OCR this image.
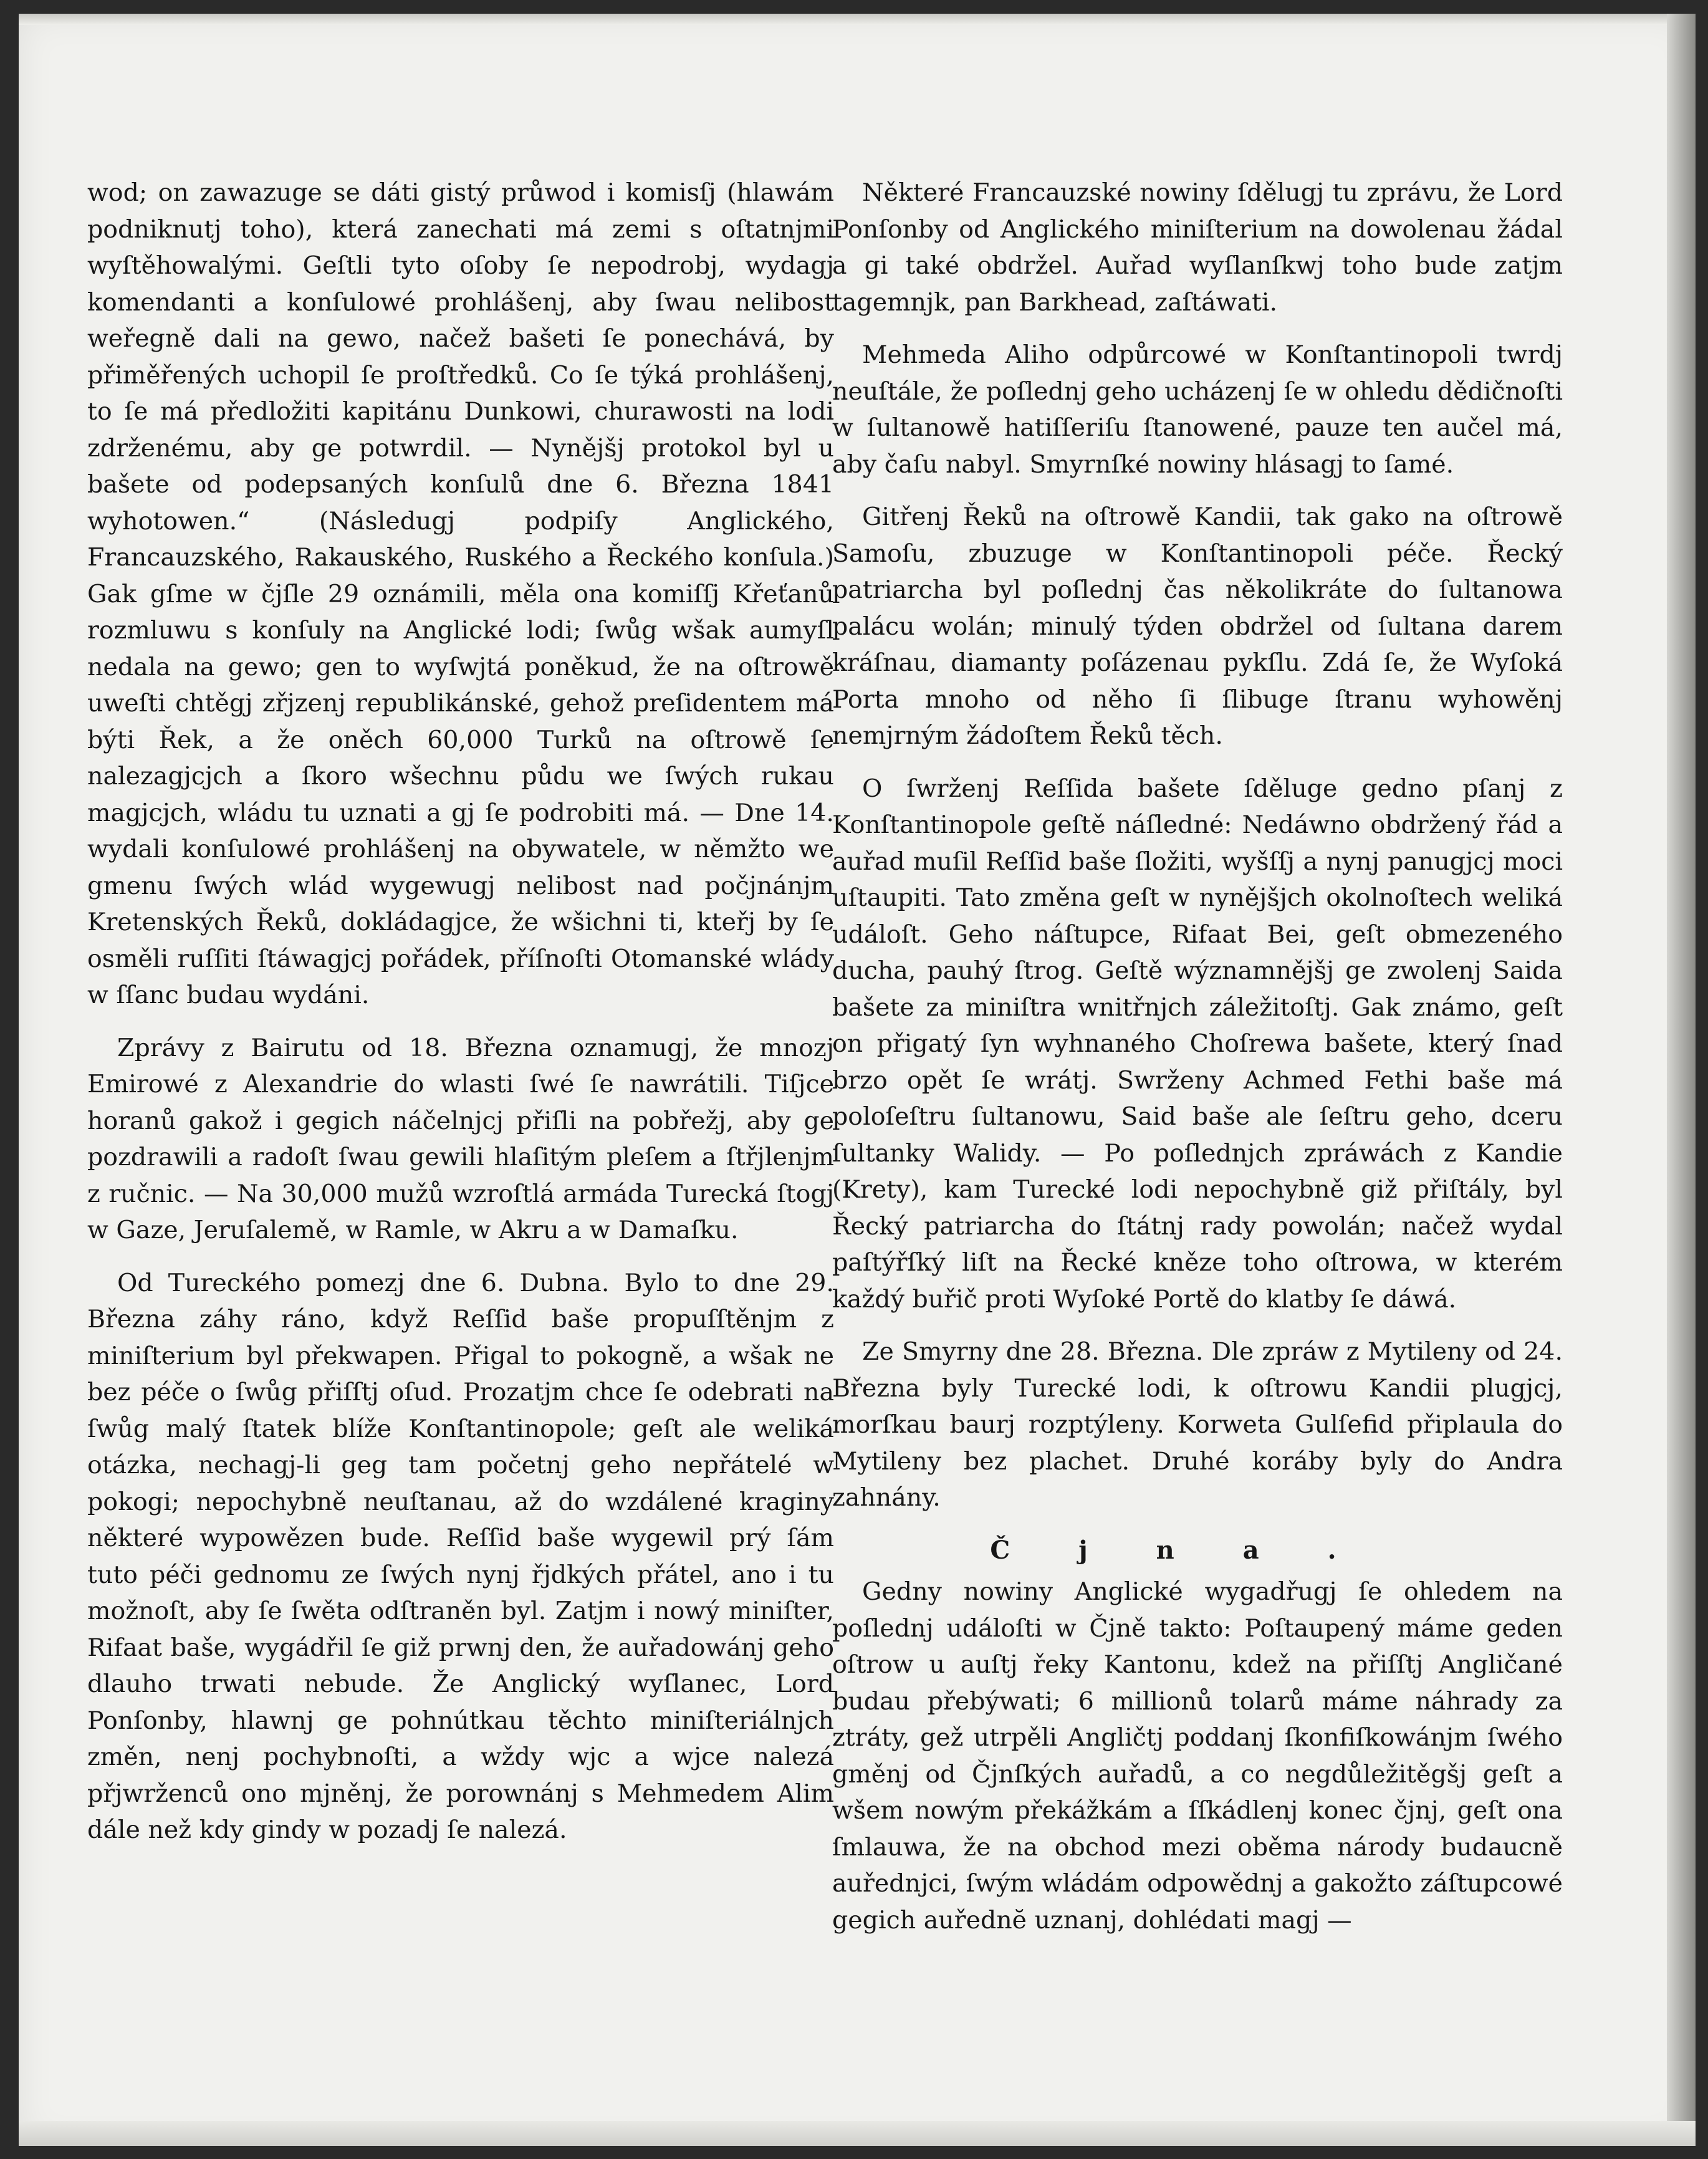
wod; on zawazuge se dáti gistý průwod i komisſj (hlawám podniknutj toho), která zanechati má zemi s oſtatnjmi wyſtěhowalými. Geſtli tyto oſoby ſe nepodrobj, wydagj komendanti a konſulowé prohlášenj, aby ſwau nelibost weřegně dali na gewo, načež bašeti ſe ponechává, by přiměřených uchopil ſe proſtředků. Co ſe týká prohlášenj, to ſe má předložiti kapitánu Dunkowi, churawosti na lodi zdrženému, aby ge potwrdil. — Nynějšj protokol byl u bašete od podepsaných konſulů dne 6. Března 1841 wyhotowen.“ (Následugj podpiſy Anglického, Francauzského, Rakauského, Ruského a Řeckého konſula.) Gak gſme w čjſle 29 oznámili, měla ona komiſſj Křeťanů rozmluwu s konſuly na Anglické lodi; ſwůg wšak aumyſl nedala na gewo; gen to wyſwjtá poněkud, že na oſtrowě uweſti chtěgj zřjzenj republikánské, gehož preſidentem má býti Řek, a že oněch 60,000 Turků na oſtrowě ſe nalezagjcjch a ſkoro wšechnu půdu we ſwých rukau magjcjch, wládu tu uznati a gj ſe podrobiti má. — Dne 14. wydali konſulowé prohlášenj na obywatele, w němžto we gmenu ſwých wlád wygewugj nelibost nad počjnánjm Kretenských Řeků, dokládagjce, že wšichni ti, kteřj by ſe osměli ruſſiti ſtáwagjcj pořádek, příſnoſti Otomanské wlády w ſſanc budau wydáni.

Zprávy z Bairutu od 18. Března oznamugj, že mnozj Emirowé z Alexandrie do wlasti ſwé ſe nawrátili. Tiſjce horanů gakož i gegich náčelnjcj přiſli na pobřežj, aby ge pozdrawili a radoſt ſwau gewili hlaſitým pleſem a ſtřjlenjm z ručnic. — Na 30,000 mužů wzroſtlá armáda Turecká ſtogj w Gaze, Jeruſalemě, w Ramle, w Akru a w Damaſku.

Od Tureckého pomezj dne 6. Dubna. Bylo to dne 29. Března záhy ráno, když Reſſid baše propuſſtěnjm z miniſterium byl překwapen. Přigal to pokogně, a wšak ne bez péče o ſwůg přiſſtj oſud. Prozatjm chce ſe odebrati na ſwůg malý ſtatek blíže Konſtantinopole; geſt ale weliká otázka, nechagj-li geg tam početnj geho nepřátelé w pokogi; nepochybně neuſtanau, až do wzdálené kraginy některé wypowězen bude. Reſſid baše wygewil prý ſám tuto péči gednomu ze ſwých nynj řjdkých přátel, ano i tu možnoſt, aby ſe ſwěta odſtraněn byl. Zatjm i nowý miniſter, Rifaat baše, wygádřil ſe giž prwnj den, že auřadowánj geho dlauho trwati nebude. Že Anglický wyſlanec, Lord Ponſonby, hlawnj ge pohnútkau těchto miniſteriálnjch změn, nenj pochybnoſti, a wždy wjc a wjce nalezá přjwrženců ono mjněnj, že porownánj s Mehmedem Alim dále než kdy gindy w pozadj ſe nalezá.

Některé Francauzské nowiny ſdělugj tu zprávu, že Lord Ponſonby od Anglického miniſterium na dowolenau žádal a gi také obdržel. Auřad wyſlanſkwj toho bude zatjm tagemnjk, pan Barkhead, zaſtáwati.

Mehmeda Aliho odpůrcowé w Konſtantinopoli twrdj neuſtále, že poſlednj geho ucházenj ſe w ohledu dědičnoſti w ſultanowě hatiſſeriſu ſtanowené, pauze ten aučel má, aby čaſu nabyl. Smyrnſké nowiny hlásagj to ſamé.

Gitřenj Řeků na oſtrowě Kandii, tak gako na oſtrowě Samoſu, zbuzuge w Konſtantinopoli péče. Řecký patriarcha byl poſlednj čas několikráte do ſultanowa palácu wolán; minulý týden obdržel od ſultana darem kráſnau, diamanty poſázenau pykſlu. Zdá ſe, že Wyſoká Porta mnoho od něho ſi ſlibuge ſtranu wyhowěnj nemjrným žádoſtem Řeků těch.

O ſwrženj Reſſida bašete ſděluge gedno pſanj z Konſtantinopole geſtě náſledné: Nedáwno obdržený řád a auřad muſil Reſſid baše ſložiti, wyšſſj a nynj panugjcj moci uſtaupiti. Tato změna geſt w nynějšjch okolnoſtech weliká událoſt. Geho náſtupce, Rifaat Bei, geſt obmezeného ducha, pauhý ſtrog. Geſtě wýznamnějšj ge zwolenj Saida bašete za miniſtra wnitřnjch záležitoſtj. Gak známo, geſt on přigatý ſyn wyhnaného Choſrewa bašete, který ſnad brzo opět ſe wrátj. Swrženy Achmed Fethi baše má poloſeſtru ſultanowu, Said baše ale ſeſtru geho, dceru ſultanky Walidy. — Po poſlednjch zpráwách z Kandie (Krety), kam Turecké lodi nepochybně giž přiſtály, byl Řecký patriarcha do ſtátnj rady powolán; načež wydal paſtýřſký liſt na Řecké kněze toho oſtrowa, w kterém každý buřič proti Wyſoké Portě do klatby ſe dáwá.

Ze Smyrny dne 28. Března. Dle zpráw z Mytileny od 24. Března byly Turecké lodi, k oſtrowu Kandii plugjcj, morſkau baurj rozptýleny. Korweta Gulſefid připlaula do Mytileny bez plachet. Druhé koráby byly do Andra zahnány.

Čjna.

Gedny nowiny Anglické wygadřugj ſe ohledem na poſlednj událoſti w Čjně takto: Poſtaupený máme geden oſtrow u auſtj řeky Kantonu, kdež na přiſſtj Angličané budau přebýwati; 6 millionů tolarů máme náhrady za ztráty, gež utrpěli Angličtj poddanj ſkonfiſkowánjm ſwého gměnj od Čjnſkých auřadů, a co negdůležitěgšj geſt a wšem nowým překážkám a ſſkádlenj konec čjnj, geſt ona ſmlauwa, že na obchod mezi oběma národy budaucně auřednjci, ſwým wládám odpowědnj a gakožto záſtupcowé gegich auřednĕ uznanj, dohlédati magj —
